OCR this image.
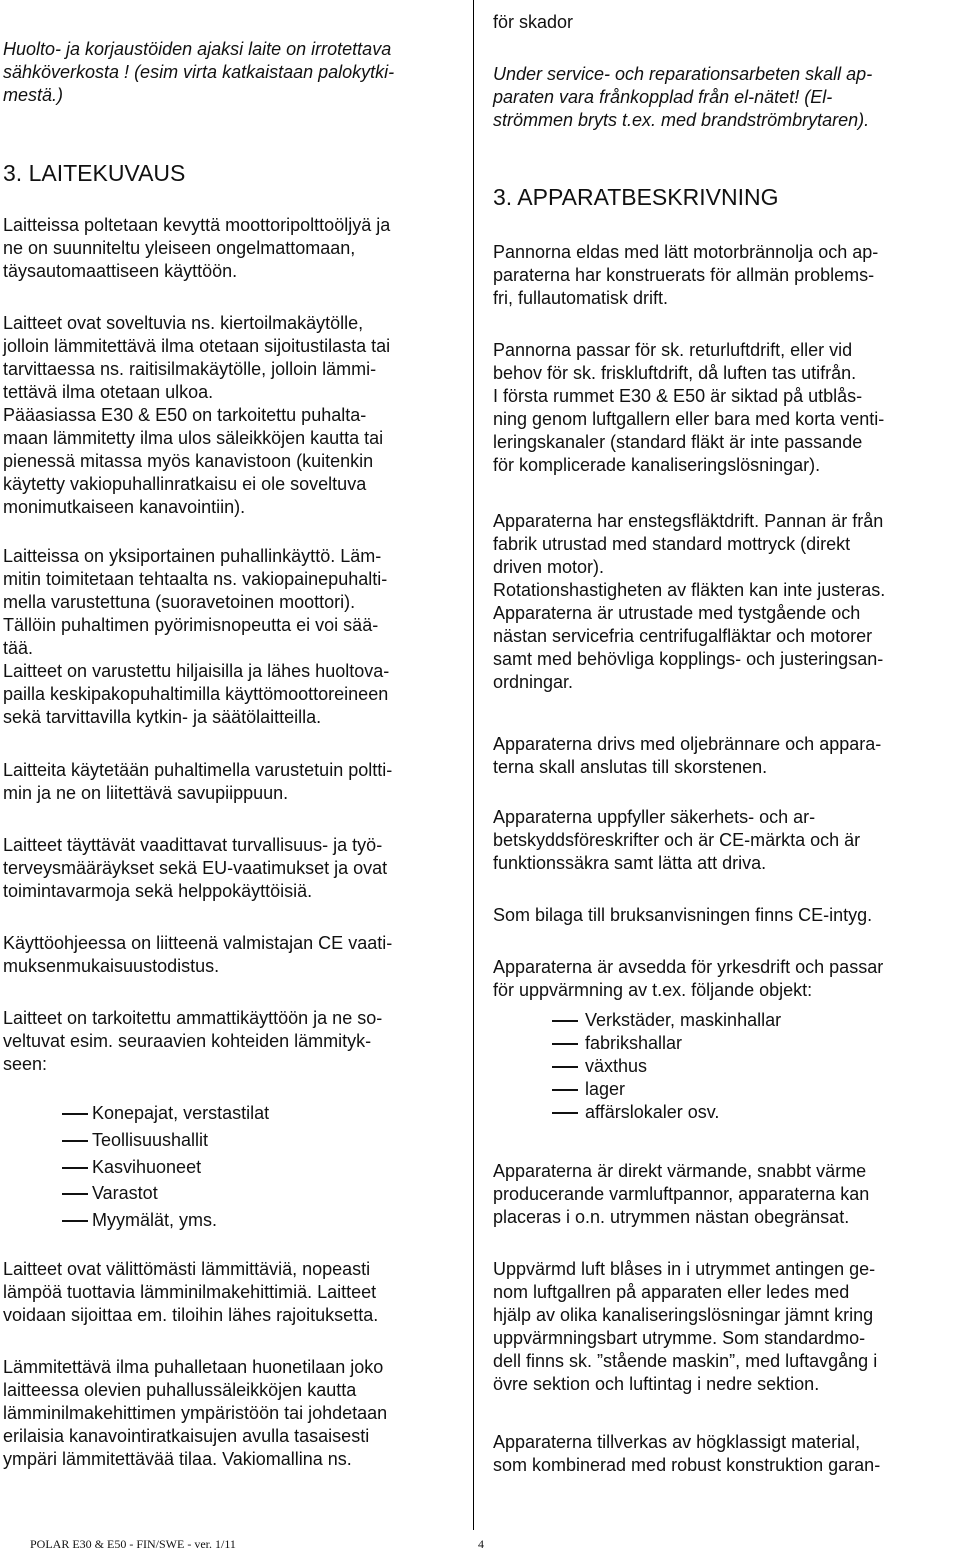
Huolto- ja korjaustöiden ajaksi laite on irrotettava
sähköverkosta ! (esim virta katkaistaan palokytki-
mestä.)
3. LAITEKUVAUS
Laitteissa poltetaan kevyttä moottoripolttoöljyä ja
ne on suunniteltu yleiseen ongelmattomaan,
täysautomaattiseen käyttöön.
Laitteet ovat soveltuvia ns. kiertoilmakäytölle,
jolloin lämmitettävä ilma otetaan sijoitustilasta tai
tarvittaessa ns. raitisilmakäytölle, jolloin lämmi-
tettävä ilma otetaan ulkoa.
Pääasiassa E30 & E50 on tarkoitettu puhalta-
maan lämmitetty ilma ulos säleikköjen kautta tai
pienessä mitassa myös kanavistoon (kuitenkin
käytetty vakiopuhallinratkaisu ei ole soveltuva
monimutkaiseen kanavointiin).
Laitteissa on yksiportainen puhallinkäyttö. Läm-
mitin toimitetaan tehtaalta ns. vakiopainepuhalti-
mella varustettuna (suoravetoinen moottori).
Tällöin puhaltimen pyörimisnopeutta ei voi sää-
tää.
Laitteet on varustettu hiljaisilla ja lähes huoltova-
pailla keskipakopuhaltimilla käyttömoottoreineen
sekä tarvittavilla kytkin- ja säätölaitteilla.
Laitteita käytetään puhaltimella varustetuin poltti-
min ja ne on liitettävä savupiippuun.
Laitteet täyttävät vaadittavat turvallisuus- ja työ-
terveysmääräykset sekä EU-vaatimukset ja ovat
toimintavarmoja sekä helppokäyttöisiä.
Käyttöohjeessa on liitteenä valmistajan CE vaati-
muksenmukaisuustodistus.
Laitteet on tarkoitettu ammattikäyttöön ja ne so-
veltuvat esim. seuraavien kohteiden lämmityk-
seen:
Konepajat, verstastilat
Teollisuushallit
Kasvihuoneet
Varastot
Myymälät, yms.
Laitteet ovat välittömästi lämmittäviä, nopeasti
lämpöä tuottavia lämminilmakehittimiä. Laitteet
voidaan sijoittaa em. tiloihin lähes rajoituksetta.
Lämmitettävä ilma puhalletaan huonetilaan joko
laitteessa olevien puhallussäleikköjen kautta
lämminilmakehittimen ympäristöön tai johdetaan
erilaisia kanavointiratkaisujen avulla tasaisesti
ympäri lämmitettävää tilaa. Vakiomallina ns.
för skador
Under service- och reparationsarbeten skall ap-
paraten vara frånkopplad från el-nätet! (El-
strömmen bryts t.ex. med brandströmbrytaren).
3. APPARATBESKRIVNING
Pannorna eldas med lätt motorbrännolja och ap-
paraterna har konstruerats för allmän problems-
fri, fullautomatisk drift.
Pannorna passar för sk. returluftdrift, eller vid
behov för sk. friskluftdrift, då luften tas utifrån.
I första rummet E30 & E50 är siktad på utblås-
ning genom luftgallern eller bara med korta venti-
leringskanaler (standard fläkt är inte passande
för komplicerade kanaliseringslösningar).
Apparaterna har enstegsfläktdrift. Pannan är från
fabrik utrustad med standard mottryck (direkt
driven motor).
Rotationshastigheten av fläkten kan inte justeras.
Apparaterna är utrustade med tystgående och
nästan servicefria centrifugalfläktar och motorer
samt med behövliga kopplings- och justeringsan-
ordningar.
Apparaterna drivs med oljebrännare och appara-
terna skall anslutas till skorstenen.
Apparaterna uppfyller säkerhets- och ar-
betskyddsföreskrifter och är CE-märkta och är
funktionssäkra samt lätta att driva.
Som bilaga till bruksanvisningen finns CE-intyg.
Apparaterna är avsedda för yrkesdrift och passar
för uppvärmning av t.ex. följande objekt:
Verkstäder, maskinhallar
fabrikshallar
växthus
lager
affärslokaler osv.
Apparaterna är direkt värmande, snabbt värme
producerande varmluftpannor, apparaterna kan
placeras i o.n. utrymmen nästan obegränsat.
Uppvärmd luft blåses in i utrymmet antingen ge-
nom luftgallren på apparaten eller ledes med
hjälp av olika kanaliseringslösningar jämnt kring
uppvärmningsbart utrymme. Som standardmo-
dell finns sk. ”stående maskin”, med luftavgång i
övre sektion och luftintag i nedre sektion.
Apparaterna tillverkas av högklassigt material,
som kombinerad med robust konstruktion garan-
POLAR E30 & E50 - FIN/SWE - ver. 1/11	4
